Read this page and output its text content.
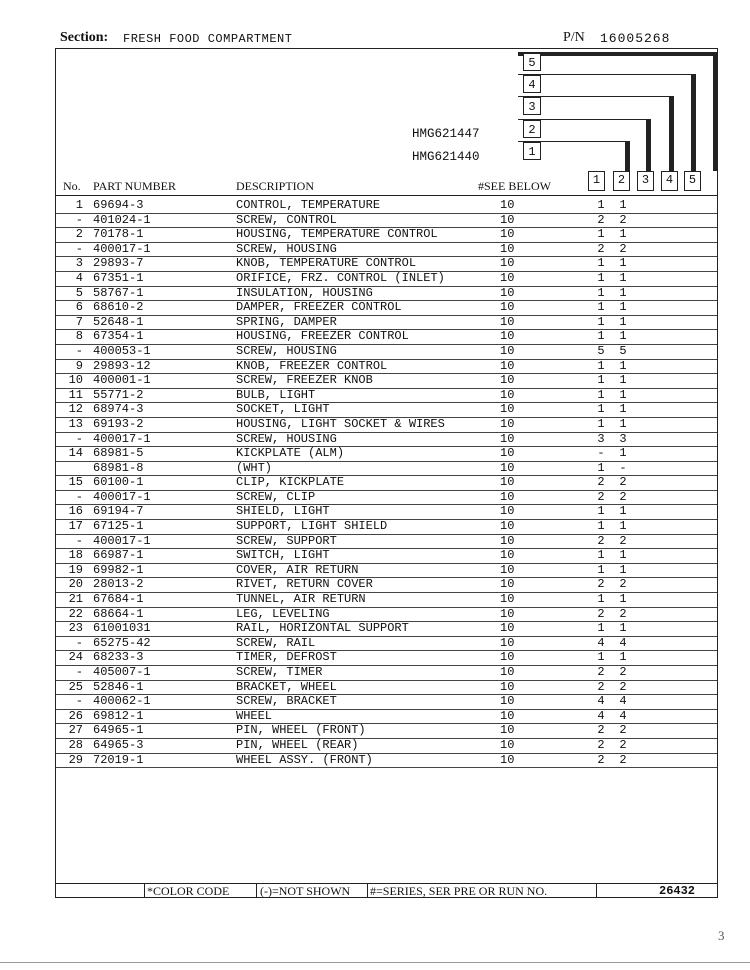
Section: FRESH FOOD COMPARTMENT	P/N 16005268
5
4
3
2
1
HMG621447
HMG621440
1	2	3	4	5
No. PART NUMBER	DESCRIPTION	#SEE BELOW
1 69694-3	CONTROL, TEMPERATURE	10	1	1
- 401024-1	SCREW, CONTROL	10	2	2
2 70178-1	HOUSING, TEMPERATURE CONTROL	10	1	1
- 400017-1	SCREW, HOUSING	10	2	2
3 29893-7	KNOB, TEMPERATURE CONTROL	10	1	1
4 67351-1	ORIFICE, FRZ. CONTROL (INLET)	10	1	1
5 58767-1	INSULATION, HOUSING	10	1	1
6 68610-2	DAMPER, FREEZER CONTROL	10	1	1
7 52648-1	SPRING, DAMPER	10	1	1
8 67354-1	HOUSING, FREEZER CONTROL	10	1	1
- 400053-1	SCREW, HOUSING	10	5	5
9 29893-12	KNOB, FREEZER CONTROL	10	1	1
10 400001-1	SCREW, FREEZER KNOB	10	1	1
11 55771-2	BULB, LIGHT	10	1	1
12 68974-3	SOCKET, LIGHT	10	1	1
13 69193-2	HOUSING, LIGHT SOCKET & WIRES	10	1	1
- 400017-1	SCREW, HOUSING	10	3	3
14 68981-5	KICKPLATE (ALM)	10	-	1
68981-8	(WHT)	10	1	-
15 60100-1	CLIP, KICKPLATE	10	2	2
- 400017-1	SCREW, CLIP	10	2	2
16 69194-7	SHIELD, LIGHT	10	1	1
17 67125-1	SUPPORT, LIGHT SHIELD	10	1	1
- 400017-1	SCREW, SUPPORT	10	2	2
18 66987-1	SWITCH, LIGHT	10	1	1
19 69982-1	COVER, AIR RETURN	10	1	1
20 28013-2	RIVET, RETURN COVER	10	2	2
21 67684-1	TUNNEL, AIR RETURN	10	1	1
22 68664-1	LEG, LEVELING	10	2	2
23 61001031	RAIL, HORIZONTAL SUPPORT	10	1	1
- 65275-42	SCREW, RAIL	10	4	4
24 68233-3	TIMER, DEFROST	10	1	1
- 405007-1	SCREW, TIMER	10	2	2
25 52846-1	BRACKET, WHEEL	10	2	2
- 400062-1	SCREW, BRACKET	10	4	4
26 69812-1	WHEEL	10	4	4
27 64965-1	PIN, WHEEL (FRONT)	10	2	2
28 64965-3	PIN, WHEEL (REAR)	10	2	2
29 72019-1	WHEEL ASSY. (FRONT)	10	2	2
*COLOR CODE	(-)=NOT SHOWN #=SERIES, SER PRE OR RUN NO.	26432
3
